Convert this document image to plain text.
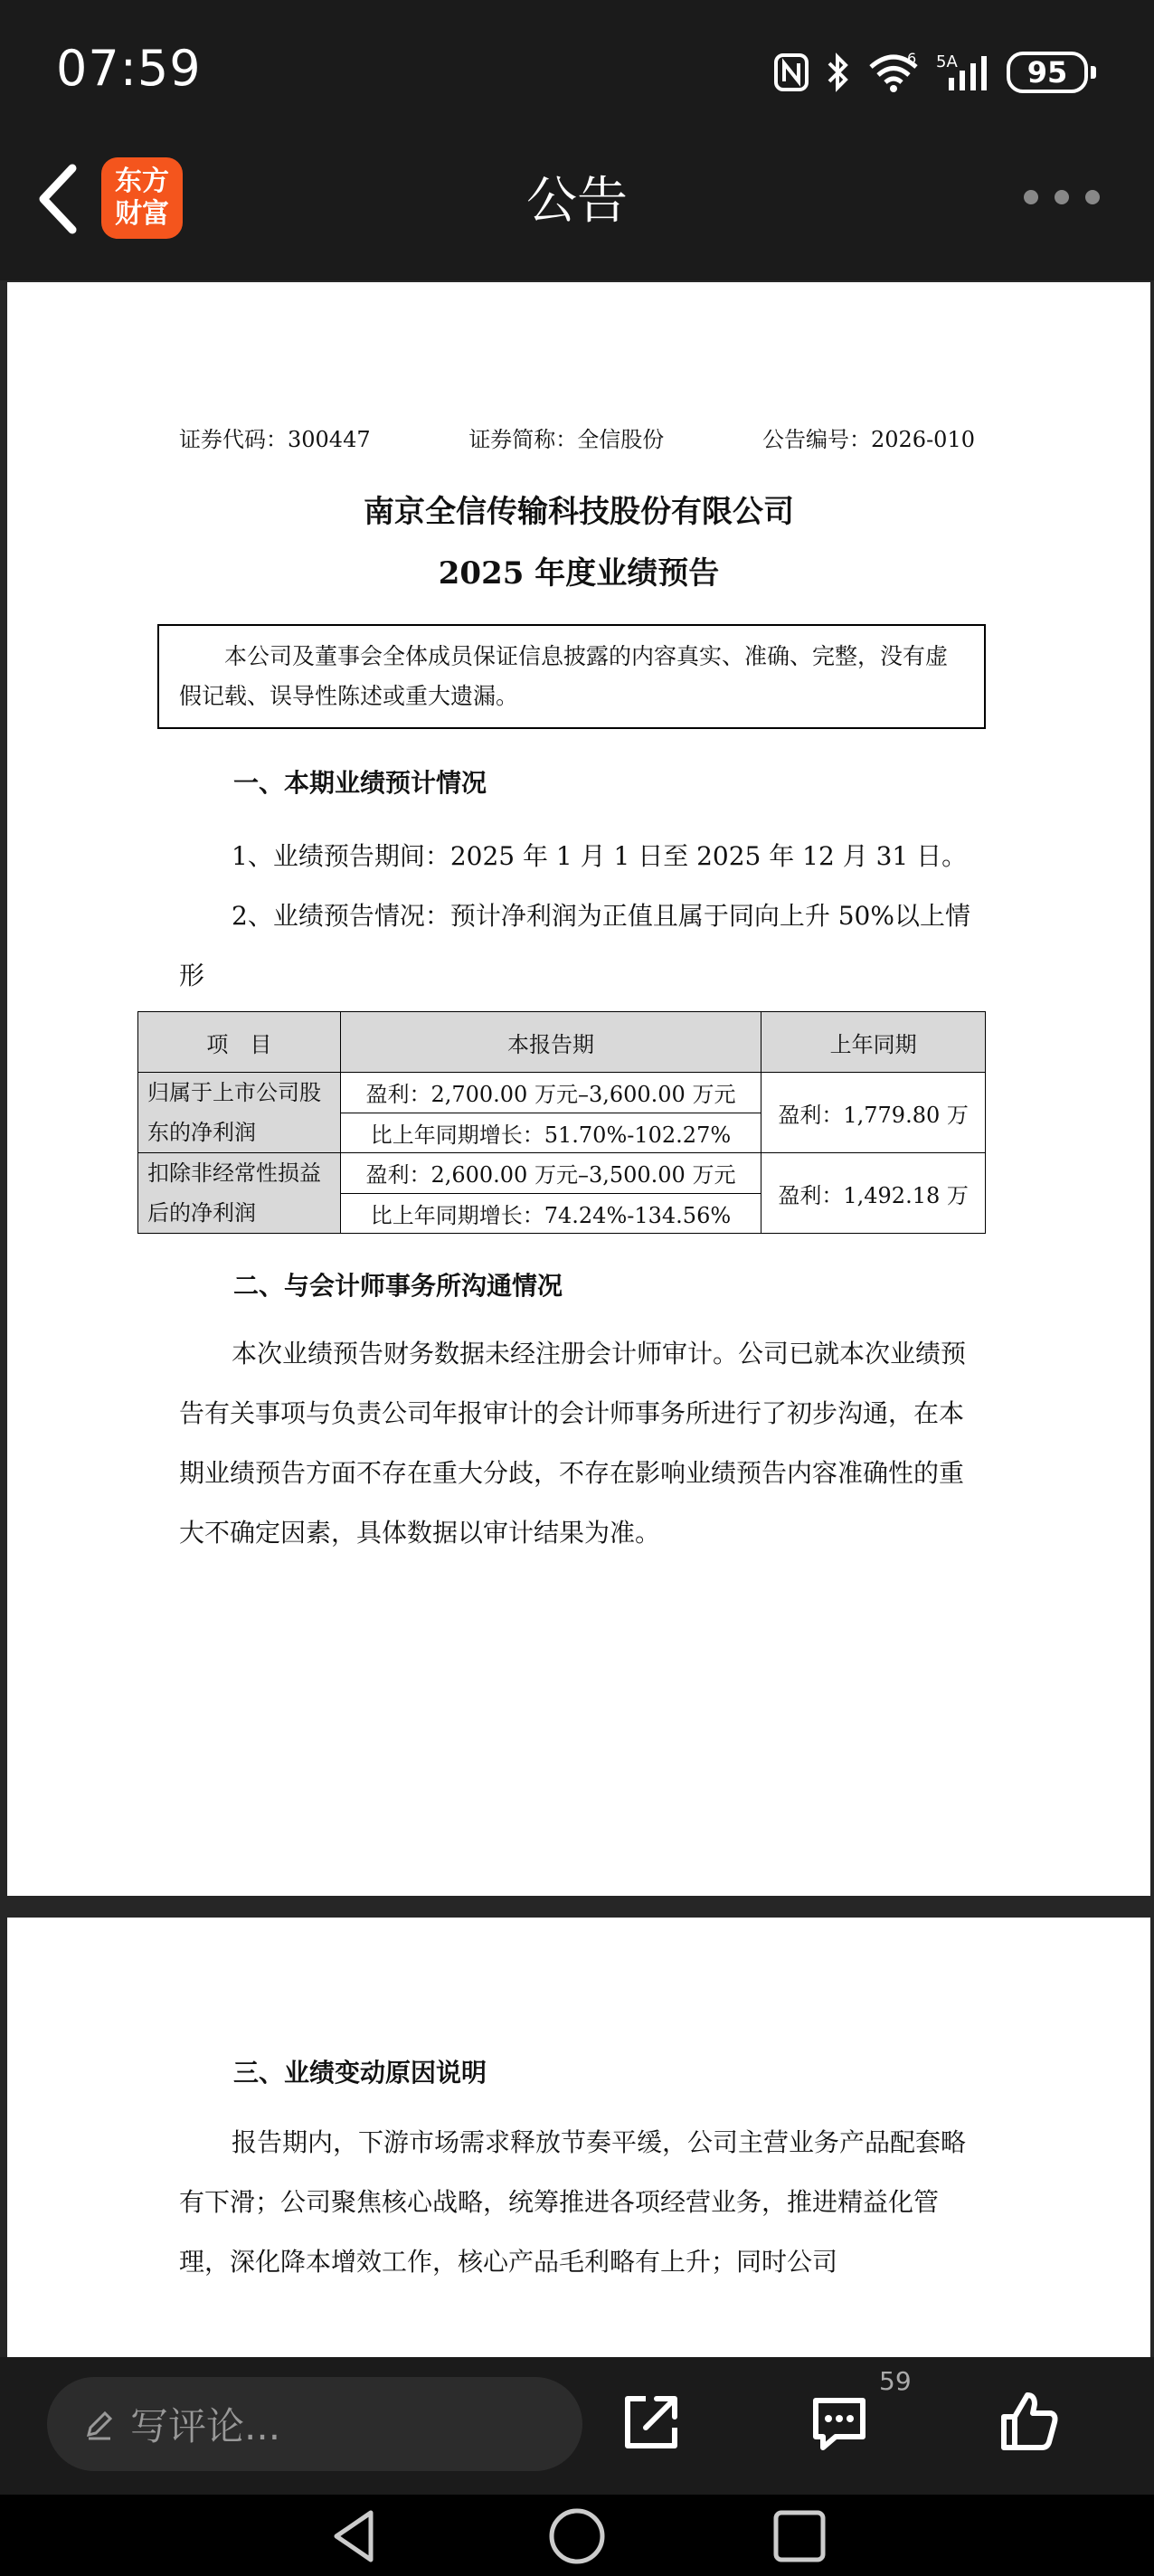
07:59	6 5A	95
东方
财富	公告
证券代码：300447	证券简称：全信股份	公告编号：2026-010
南京全信传输科技股份有限公司
2025 年度业绩预告
本公司及董事会全体成员保证信息披露的内容真实、准确、完整，没有虚假记载、误导性陈述或重大遗漏。
一、本期业绩预计情况
1、业绩预告期间：2025 年 1 月 1 日至 2025 年 12 月 31 日。
2、业绩预告情况：预计净利润为正值且属于同向上升 50%以上情形
项　目	本报告期	上年同期
归属于上市公司股东的净利润	盈利：2,700.00 万元–3,600.00 万元	盈利：1,779.80 万
	比上年同期增长：51.70%-102.27%	
扣除非经常性损益后的净利润	盈利：2,600.00 万元–3,500.00 万元	盈利：1,492.18 万
	比上年同期增长：74.24%-134.56%	
二、与会计师事务所沟通情况
本次业绩预告财务数据未经注册会计师审计。公司已就本次业绩预告有关事项与负责公司年报审计的会计师事务所进行了初步沟通，在本期业绩预告方面不存在重大分歧，不存在影响业绩预告内容准确性的重大不确定因素，具体数据以审计结果为准。
三、业绩变动原因说明
报告期内，下游市场需求释放节奏平缓，公司主营业务产品配套略有下滑；公司聚焦核心战略，统筹推进各项经营业务，推进精益化管理，深化降本增效工作，核心产品毛利略有上升；同时公司
写评论...
59
